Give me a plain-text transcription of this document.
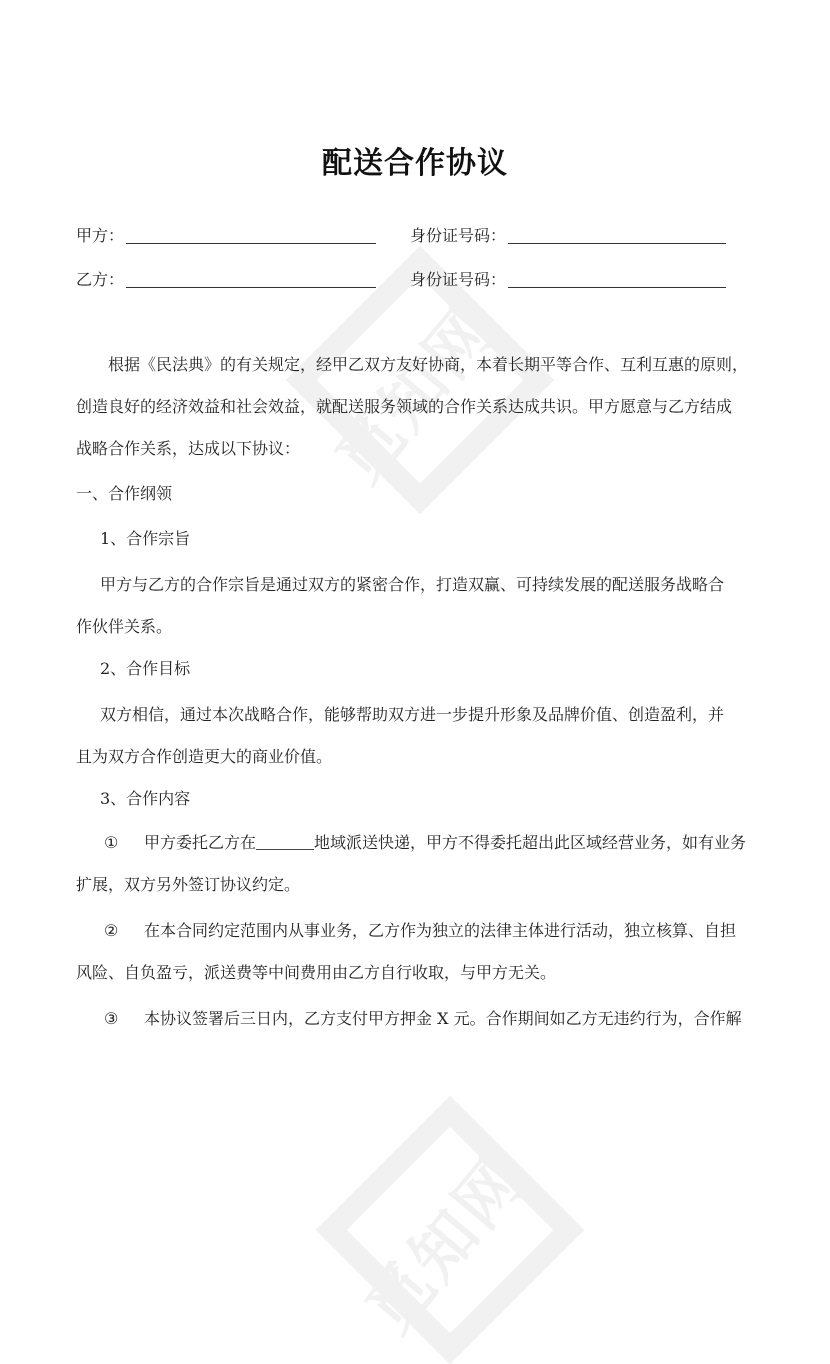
觅知网
觅知网
配送合作协议
甲方：	身份证号码：
乙方：	身份证号码：
根据《民法典》的有关规定，经甲乙双方友好协商，本着长期平等合作、互利互惠的原则，
创造良好的经济效益和社会效益，就配送服务领域的合作关系达成共识。甲方愿意与乙方结成
战略合作关系，达成以下协议：
一、合作纲领
1、合作宗旨
甲方与乙方的合作宗旨是通过双方的紧密合作，打造双赢、可持续发展的配送服务战略合
作伙伴关系。
2、合作目标
双方相信，通过本次战略合作，能够帮助双方进一步提升形象及品牌价值、创造盈利，并
且为双方合作创造更大的商业价值。
3、合作内容
① 甲方委托乙方在	地域派送快递，甲方不得委托超出此区域经营业务，如有业务
扩展，双方另外签订协议约定。
② 在本合同约定范围内从事业务，乙方作为独立的法律主体进行活动，独立核算、自担
风险、自负盈亏，派送费等中间费用由乙方自行收取，与甲方无关。
③ 本协议签署后三日内，乙方支付甲方押金 X 元。合作期间如乙方无违约行为，合作解
